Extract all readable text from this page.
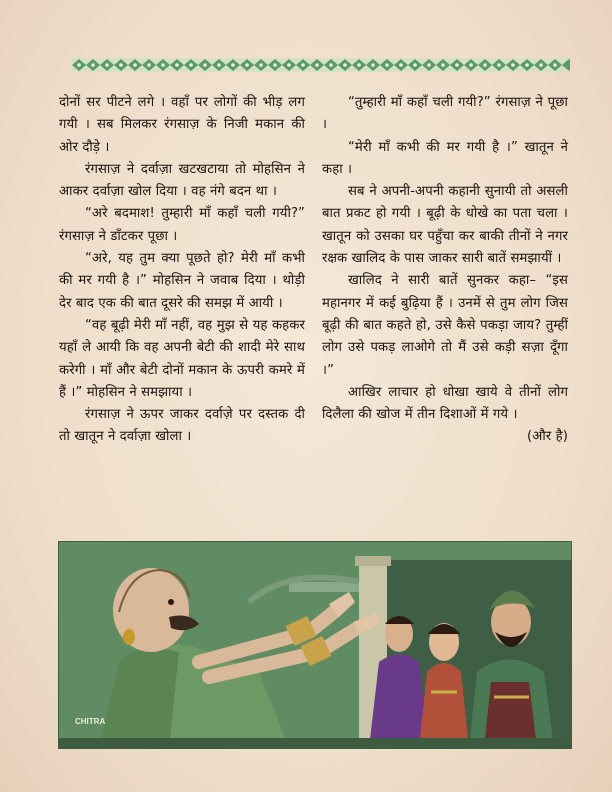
दोनों सर पीटने लगे । वहाँ पर लोगों की भीड़ लग गयी । सब मिलकर रंगसाज़ के निजी मकान की ओर दौड़े ।

रंगसाज़ ने दर्वाज़ा खटखटाया तो मोहसिन ने आकर दर्वाज़ा खोल दिया । वह नंगे बदन था ।

“अरे बदमाश! तुम्हारी माँ कहाँ चली गयी?” रंगसाज़ ने डाँटकर पूछा ।

“अरे, यह तुम क्या पूछते हो? मेरी माँ कभी की मर गयी है ।” मोहसिन ने जवाब दिया । थोड़ी देर बाद एक की बात दूसरे की समझ में आयी ।

“वह बूढ़ी मेरी माँ नहीं, वह मुझ से यह कहकर यहाँ ले आयी कि वह अपनी बेटी की शादी मेरे साथ करेगी । माँ और बेटी दोनों मकान के ऊपरी कमरे में हैं ।” मोहसिन ने समझाया ।

रंगसाज़ ने ऊपर जाकर दर्वाज़े पर दस्तक दी तो खातून ने दर्वाज़ा खोला ।

“तुम्हारी माँ कहाँ चली गयी?” रंगसाज़ ने पूछा ।

“मेरी माँ कभी की मर गयी है ।” खातून ने कहा ।

सब ने अपनी-अपनी कहानी सुनायी तो असली बात प्रकट हो गयी । बूढ़ी के धोखे का पता चला । खातून को उसका घर पहुँचा कर बाकी तीनों ने नगर रक्षक खालिद के पास जाकर सारी बातें समझायीं ।

खालिद ने सारी बातें सुनकर कहा– “इस महानगर में कई बुढ़िया हैं । उनमें से तुम लोग जिस बूढ़ी की बात कहते हो, उसे कैसे पकड़ा जाय? तुम्हीं लोग उसे पकड़ लाओगे तो मैं उसे कड़ी सज़ा दूँगा ।”

आखिर लाचार हो धोखा खाये वे तीनों लोग दिलैला की खोज में तीन दिशाओं में गये ।

(और है)
CHITRA
